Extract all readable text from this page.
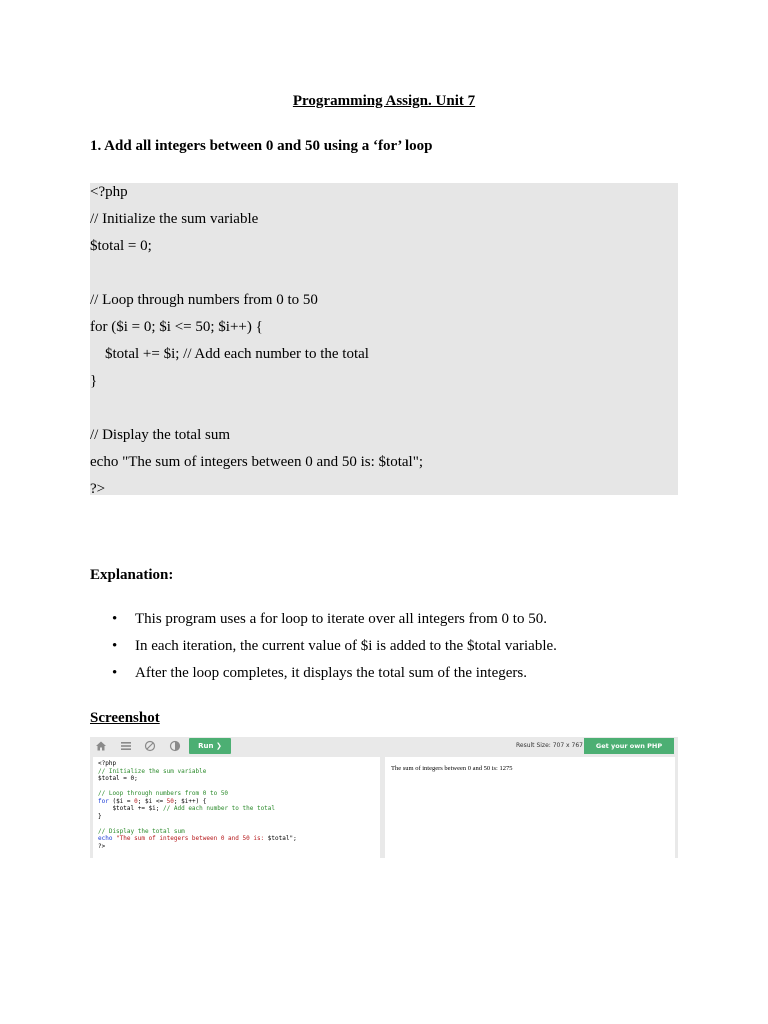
Programming Assign. Unit 7
1. Add all integers between 0 and 50 using a ‘for’ loop
<?php
// Initialize the sum variable
$total = 0;
// Loop through numbers from 0 to 50
for ($i = 0; $i <= 50; $i++) {
$total += $i; // Add each number to the total
}
// Display the total sum
echo "The sum of integers between 0 and 50 is: $total";
?>
Explanation:
• This program uses a for loop to iterate over all integers from 0 to 50.
• In each iteration, the current value of $i is added to the $total variable.
• After the loop completes, it displays the total sum of the integers.
Screenshot
Run ❯	Result Size: 707 x 767	Get your own PHP
<?php
// Initialize the sum variable
$total = 0;
// Loop through numbers from 0 to 50
for ($i = 0; $i <= 50; $i++) {
$total += $i; // Add each number to the total
}
// Display the total sum
echo "The sum of integers between 0 and 50 is: $total";
?>
The sum of integers between 0 and 50 is: 1275
